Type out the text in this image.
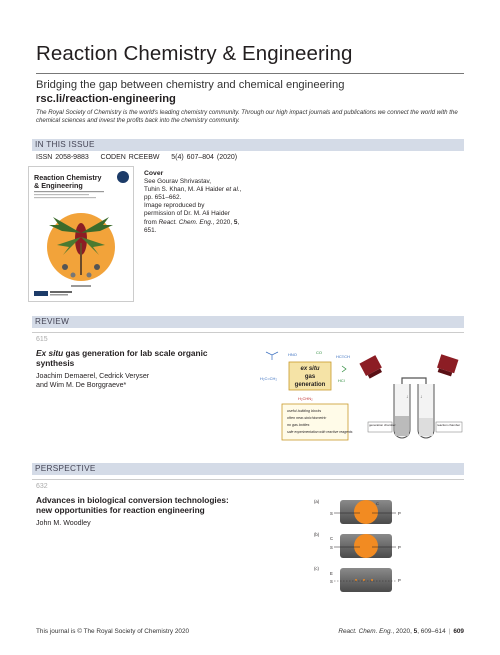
Reaction Chemistry & Engineering
Bridging the gap between chemistry and chemical engineering
rsc.li/reaction-engineering
The Royal Society of Chemistry is the world's leading chemistry community. Through our high impact journals and publications we connect the world with the chemical sciences and invest the profits back into the chemistry community.
IN THIS ISSUE
ISSN 2058-9883 CODEN RCEEBW 5(4) 607–804 (2020)
Reaction Chemistry
& Engineering
Cover
See Gourav Shrivastav,
Tuhin S. Khan, M. Ali Haider et al.,
pp. 651–662.
Image reproduced by
permission of Dr. M. Ali Haider
from React. Chem. Eng., 2020, 5,
651.
REVIEW
615
Ex situ gas generation for lab scale organic
synthesis
Joachim Demaerel, Cedrick Veryser
and Wim M. De Borggraeve*
ex situ
gas
generation
HNO	CO
HC≡CH
H₂C=CH₂	HCl
H₂CHN₂
useful building blocks
often near-stoichiometric
no gas bottles
safe experimentation with reactive reagents
↓ ↓
generation chamber	reaction chamber
PERSPECTIVE
632
Advances in biological conversion technologies:
new opportunities for reaction engineering
John M. Woodley
(a)
S	P
C
(b)
C
S	P
(c)
E
S	P
This journal is © The Royal Society of Chemistry 2020	React. Chem. Eng., 2020, 5, 609–614 | 609
